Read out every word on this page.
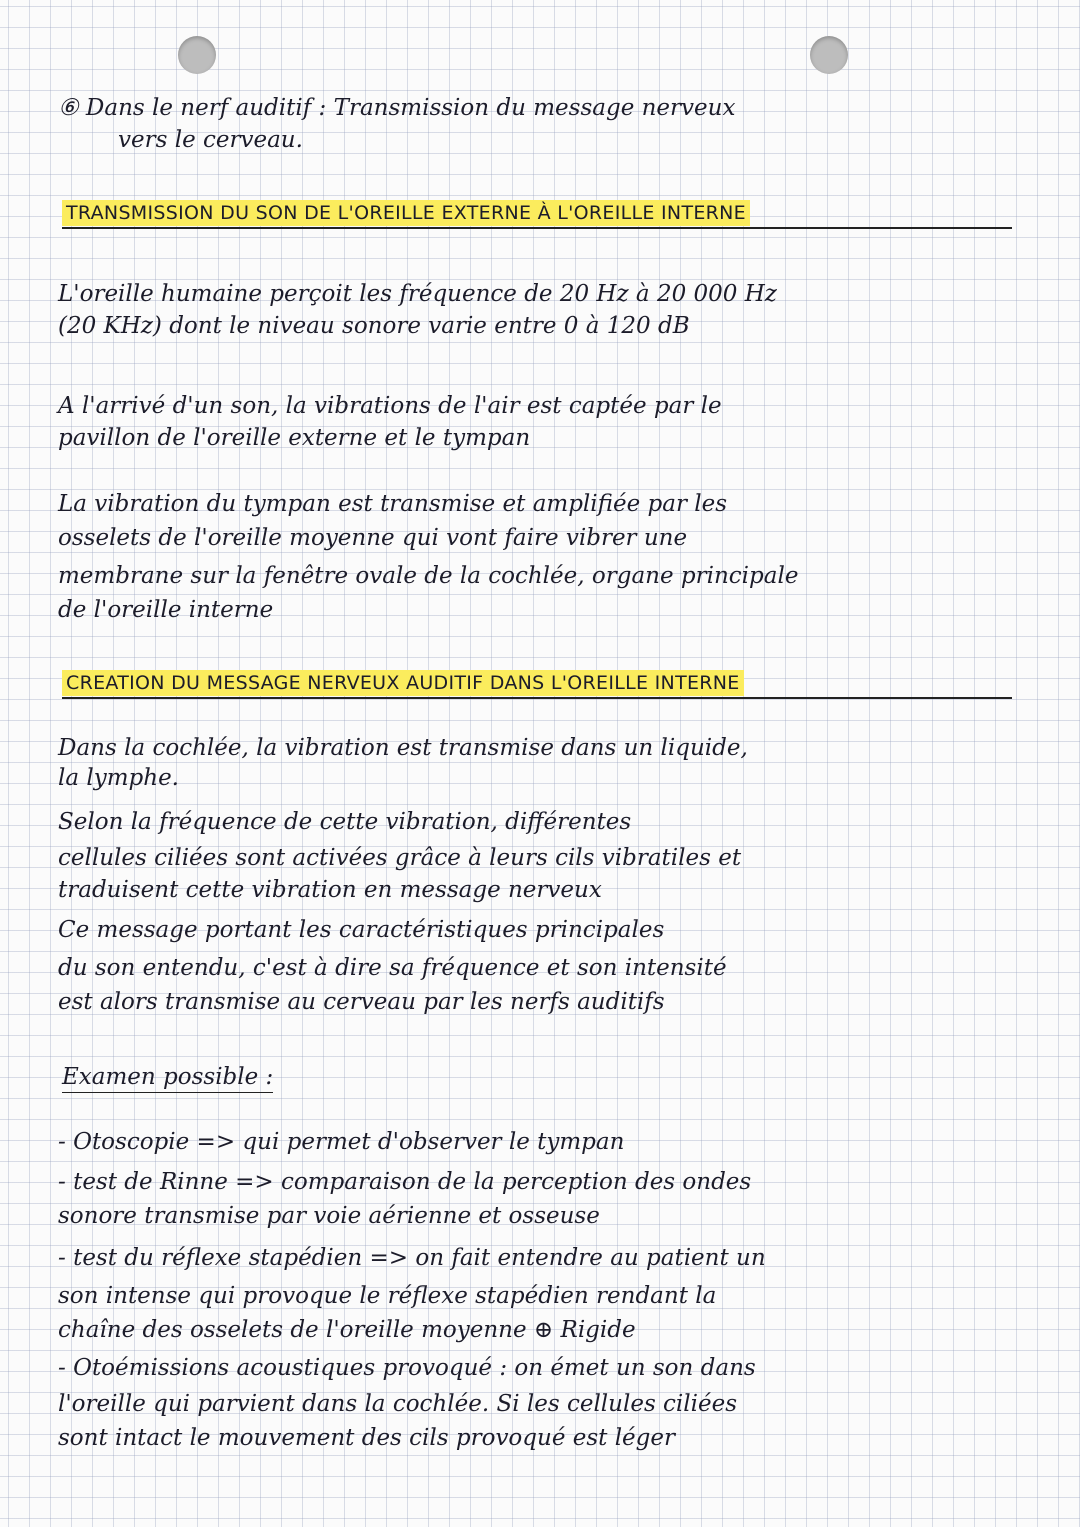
⑥ Dans le nerf auditif : Transmission du message nerveux
vers le cerveau.
TRANSMISSION DU SON DE L'OREILLE EXTERNE À L'OREILLE INTERNE
L'oreille humaine perçoit les fréquence de 20 Hz à 20 000 Hz
(20 KHz) dont le niveau sonore varie entre 0 à 120 dB
A l'arrivé d'un son, la vibrations de l'air est captée par le
pavillon de l'oreille externe et le tympan
La vibration du tympan est transmise et amplifiée par les
osselets de l'oreille moyenne qui vont faire vibrer une
membrane sur la fenêtre ovale de la cochlée, organe principale
de l'oreille interne
CREATION DU MESSAGE NERVEUX AUDITIF DANS L'OREILLE INTERNE
Dans la cochlée, la vibration est transmise dans un liquide,
la lymphe.
Selon la fréquence de cette vibration, différentes
cellules ciliées sont activées grâce à leurs cils vibratiles et
traduisent cette vibration en message nerveux
Ce message portant les caractéristiques principales
du son entendu, c'est à dire sa fréquence et son intensité
est alors transmise au cerveau par les nerfs auditifs
Examen possible :
- Otoscopie => qui permet d'observer le tympan
- test de Rinne => comparaison de la perception des ondes
sonore transmise par voie aérienne et osseuse
- test du réflexe stapédien => on fait entendre au patient un
son intense qui provoque le réflexe stapédien rendant la
chaîne des osselets de l'oreille moyenne ⊕ Rigide
- Otoémissions acoustiques provoqué : on émet un son dans
l'oreille qui parvient dans la cochlée. Si les cellules ciliées
sont intact le mouvement des cils provoqué est léger
